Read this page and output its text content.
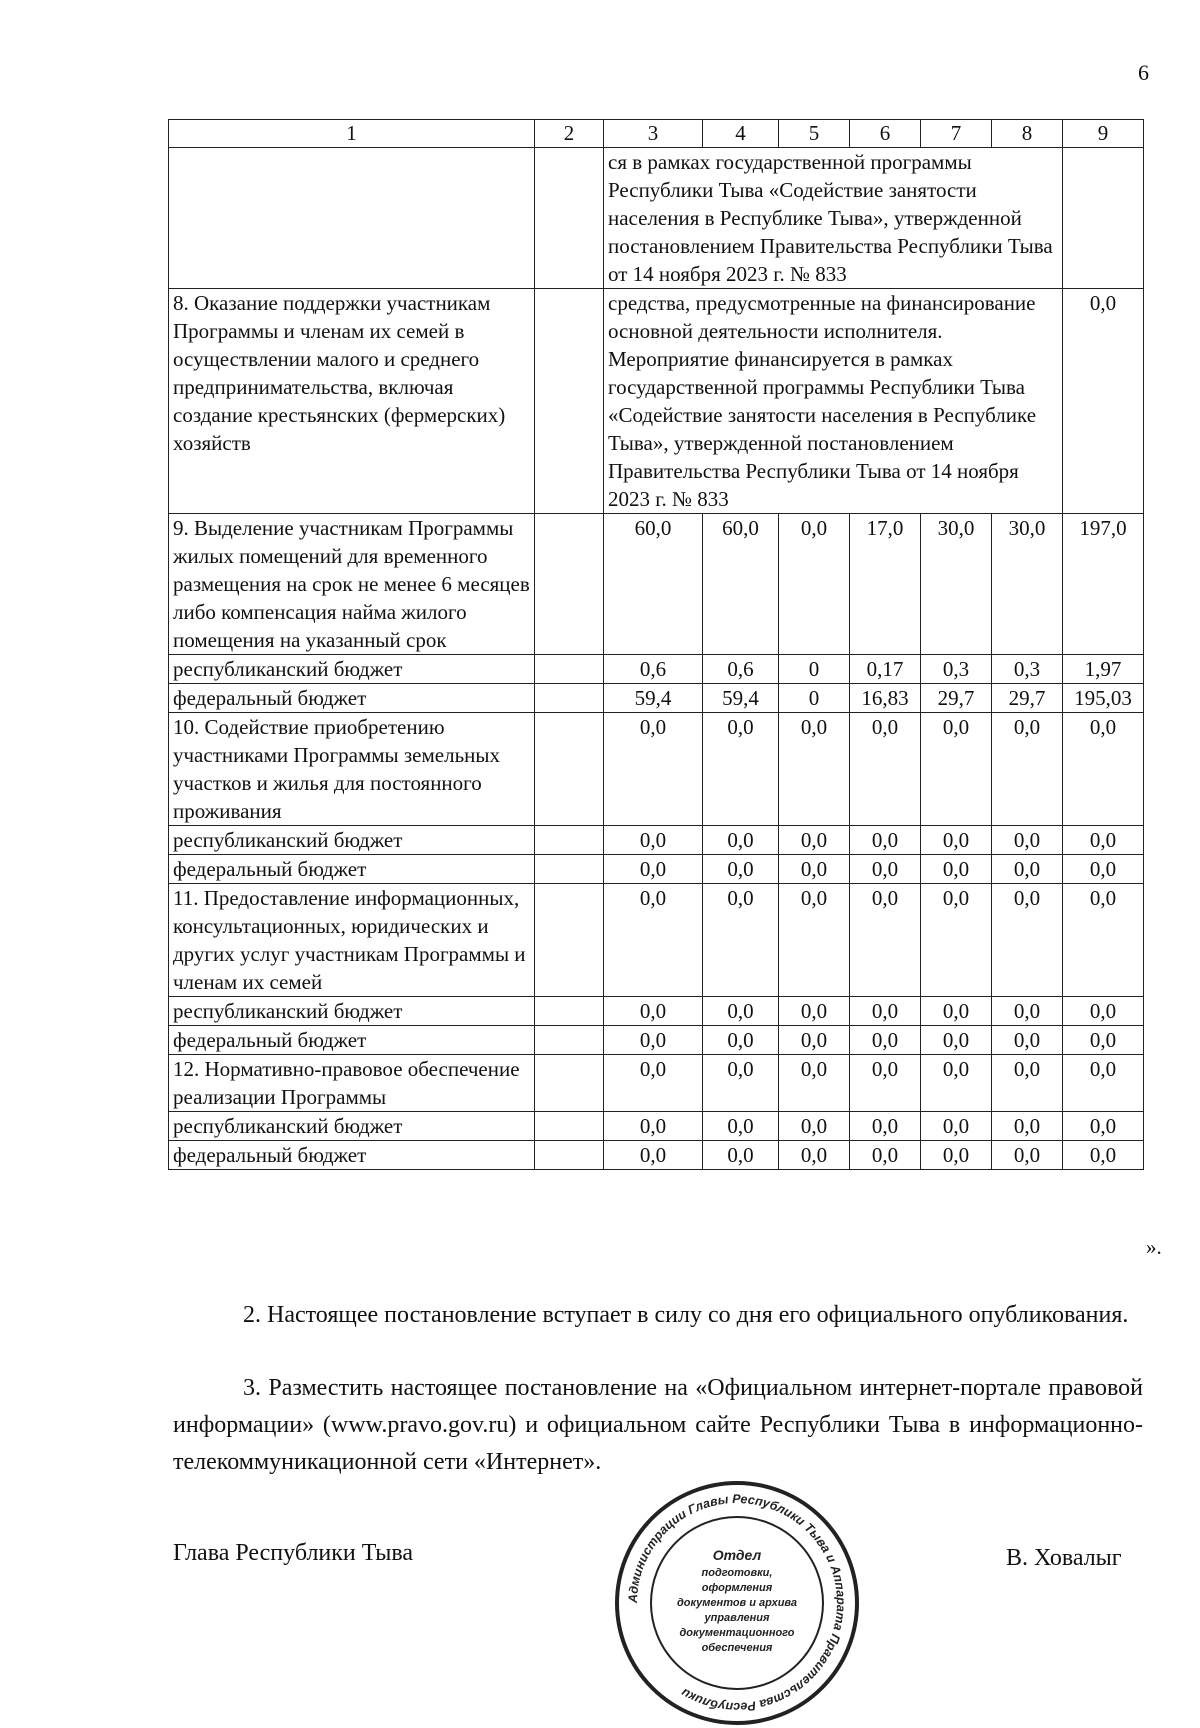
6
1	2	3	4	5	6	7	8	9
		ся в рамках государственной программы Республики Тыва «Содействие занятости населения в Республике Тыва», утвержденной постановлением Правительства Республики Тыва от 14 ноября 2023 г. № 833						
8. Оказание поддержки участникам Программы и членам их семей в осуществлении малого и среднего предпринимательства, включая создание крестьянских (фермерских) хозяйств		средства, предусмотренные на финансирование основной деятельности исполнителя. Мероприятие финансируется в рамках государственной программы Республики Тыва «Содействие занятости населения в Республике Тыва», утвержденной постановлением Правительства Республики Тыва от 14 ноября 2023 г. № 833						0,0
9. Выделение участникам Программы жилых помещений для временного размещения на срок не менее 6 месяцев либо компенсация найма жилого помещения на указанный срок		60,0	60,0	0,0	17,0	30,0	30,0	197,0
республиканский бюджет		0,6	0,6	0	0,17	0,3	0,3	1,97
федеральный бюджет		59,4	59,4	0	16,83	29,7	29,7	195,03
10. Содействие приобретению участниками Программы земельных участков и жилья для постоянного проживания		0,0	0,0	0,0	0,0	0,0	0,0	0,0
республиканский бюджет		0,0	0,0	0,0	0,0	0,0	0,0	0,0
федеральный бюджет		0,0	0,0	0,0	0,0	0,0	0,0	0,0
11. Предоставление информационных, консультационных, юридических и других услуг участникам Программы и членам их семей		0,0	0,0	0,0	0,0	0,0	0,0	0,0
республиканский бюджет		0,0	0,0	0,0	0,0	0,0	0,0	0,0
федеральный бюджет		0,0	0,0	0,0	0,0	0,0	0,0	0,0
12. Нормативно-правовое обеспечение реализации Программы		0,0	0,0	0,0	0,0	0,0	0,0	0,0
республиканский бюджет		0,0	0,0	0,0	0,0	0,0	0,0	0,0
федеральный бюджет		0,0	0,0	0,0	0,0	0,0	0,0	0,0
».

2. Настоящее постановление вступает в силу со дня его официального опубликования.

3. Разместить настоящее постановление на «Официальном интернет-портале правовой информации» (www.pravo.gov.ru) и официальном сайте Республики Тыва в информационно-телекоммуникационной сети «Интернет».

Глава Республики Тыва	В. Ховалыг
Администрации Главы Республики Тыва и Аппарата Правительства Республики
Отдел
подготовки,
оформления
документов и архива
управления
документационного
обеспечения
